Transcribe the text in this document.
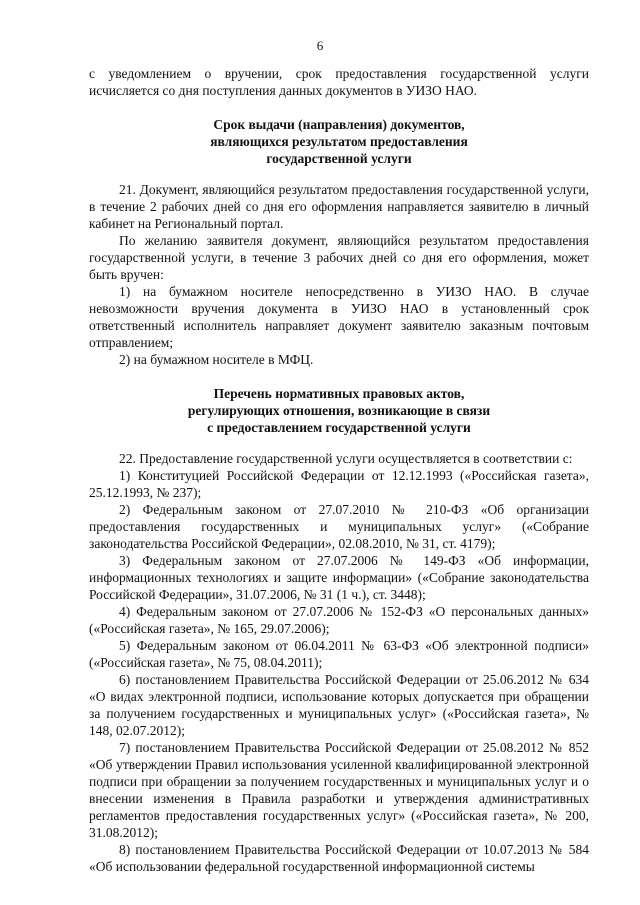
6

с уведомлением о вручении, срок предоставления государственной услуги исчисляется со дня поступления данных документов в УИЗО НАО.

Срок выдачи (направления) документов,
являющихся результатом предоставления
государственной услуги

21. Документ, являющийся результатом предоставления государственной услуги, в течение 2 рабочих дней со дня его оформления направляется заявителю в личный кабинет на Региональный портал.

По желанию заявителя документ, являющийся результатом предоставления государственной услуги, в течение 3 рабочих дней со дня его оформления, может быть вручен:

1) на бумажном носителе непосредственно в УИЗО НАО. В случае невозможности вручения документа в УИЗО НАО в установленный срок ответственный исполнитель направляет документ заявителю заказным почтовым отправлением;

2) на бумажном носителе в МФЦ.

Перечень нормативных правовых актов,
регулирующих отношения, возникающие в связи
с предоставлением государственной услуги

22. Предоставление государственной услуги осуществляется в соответствии с:

1) Конституцией Российской Федерации от 12.12.1993 («Российская газета», 25.12.1993, № 237);

2) Федеральным законом от 27.07.2010 № 210-ФЗ «Об организации предоставления государственных и муниципальных услуг» («Собрание законодательства Российской Федерации», 02.08.2010, № 31, ст. 4179);

3) Федеральным законом от 27.07.2006 № 149-ФЗ «Об информации, информационных технологиях и защите информации» («Собрание законодательства Российской Федерации», 31.07.2006, № 31 (1 ч.), ст. 3448);

4) Федеральным законом от 27.07.2006 № 152-ФЗ «О персональных данных» («Российская газета», № 165, 29.07.2006);

5) Федеральным законом от 06.04.2011 № 63-ФЗ «Об электронной подписи» («Российская газета», № 75, 08.04.2011);

6) постановлением Правительства Российской Федерации от 25.06.2012 № 634 «О видах электронной подписи, использование которых допускается при обращении за получением государственных и муниципальных услуг» («Российская газета», № 148, 02.07.2012);

7) постановлением Правительства Российской Федерации от 25.08.2012 № 852 «Об утверждении Правил использования усиленной квалифицированной электронной подписи при обращении за получением государственных и муниципальных услуг и о внесении изменения в Правила разработки и утверждения административных регламентов предоставления государственных услуг» («Российская газета», № 200, 31.08.2012);

8) постановлением Правительства Российской Федерации от 10.07.2013 № 584 «Об использовании федеральной государственной информационной системы
